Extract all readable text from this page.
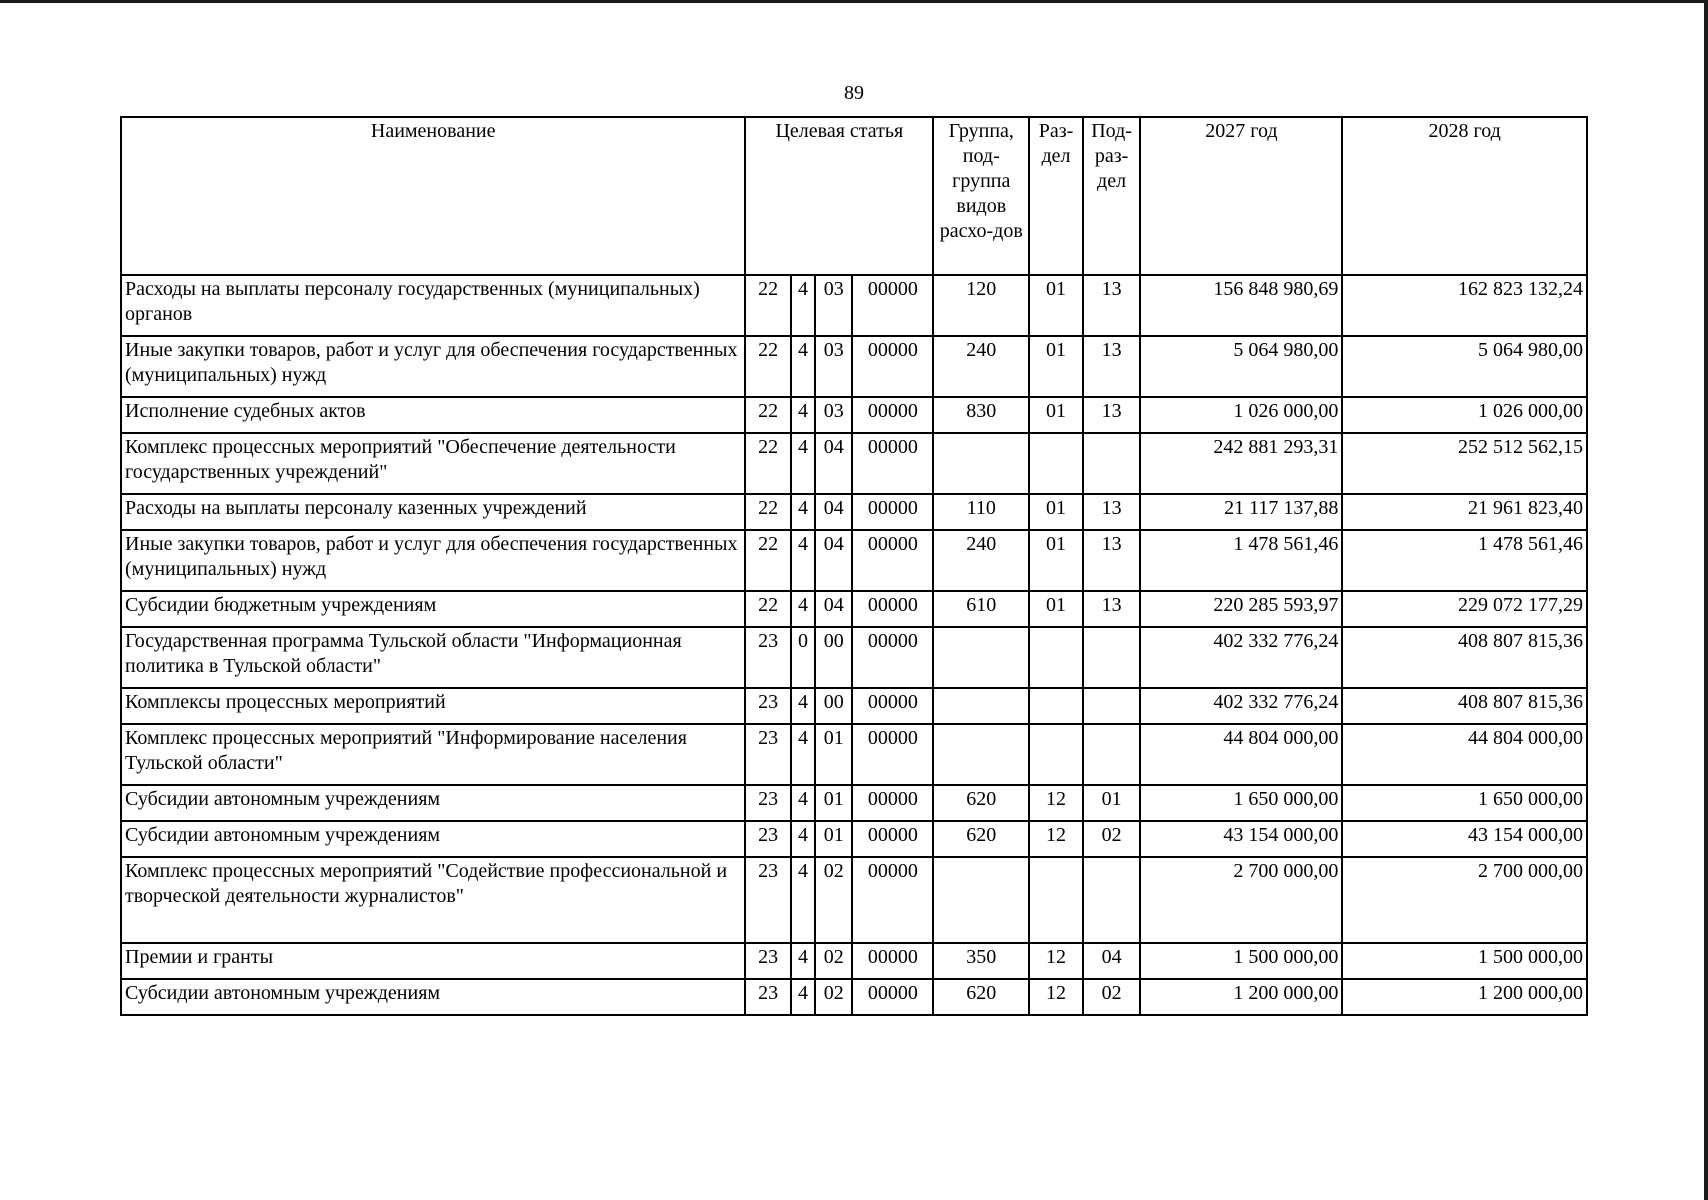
89
Наименование	Целевая статья				Группа, под-группа видов расхо-дов	Раз-дел	Под-раз-дел	2027 год	2028 год
Расходы на выплаты персоналу государственных (муниципальных) органов	22	4	03	00000	120	01	13	156 848 980,69	162 823 132,24
Иные закупки товаров, работ и услуг для обеспечения государственных (муниципальных) нужд	22	4	03	00000	240	01	13	5 064 980,00	5 064 980,00
Исполнение судебных актов	22	4	03	00000	830	01	13	1 026 000,00	1 026 000,00
Комплекс процессных мероприятий "Обеспечение деятельности государственных учреждений"	22	4	04	00000				242 881 293,31	252 512 562,15
Расходы на выплаты персоналу казенных учреждений	22	4	04	00000	110	01	13	21 117 137,88	21 961 823,40
Иные закупки товаров, работ и услуг для обеспечения государственных (муниципальных) нужд	22	4	04	00000	240	01	13	1 478 561,46	1 478 561,46
Субсидии бюджетным учреждениям	22	4	04	00000	610	01	13	220 285 593,97	229 072 177,29
Государственная программа Тульской области "Информационная политика в Тульской области"	23	0	00	00000				402 332 776,24	408 807 815,36
Комплексы процессных мероприятий	23	4	00	00000				402 332 776,24	408 807 815,36
Комплекс процессных мероприятий "Информирование населения Тульской области"	23	4	01	00000				44 804 000,00	44 804 000,00
Субсидии автономным учреждениям	23	4	01	00000	620	12	01	1 650 000,00	1 650 000,00
Субсидии автономным учреждениям	23	4	01	00000	620	12	02	43 154 000,00	43 154 000,00
Комплекс процессных мероприятий "Содействие профессиональной и творческой деятельности журналистов"	23	4	02	00000				2 700 000,00	2 700 000,00
Премии и гранты	23	4	02	00000	350	12	04	1 500 000,00	1 500 000,00
Субсидии автономным учреждениям	23	4	02	00000	620	12	02	1 200 000,00	1 200 000,00
